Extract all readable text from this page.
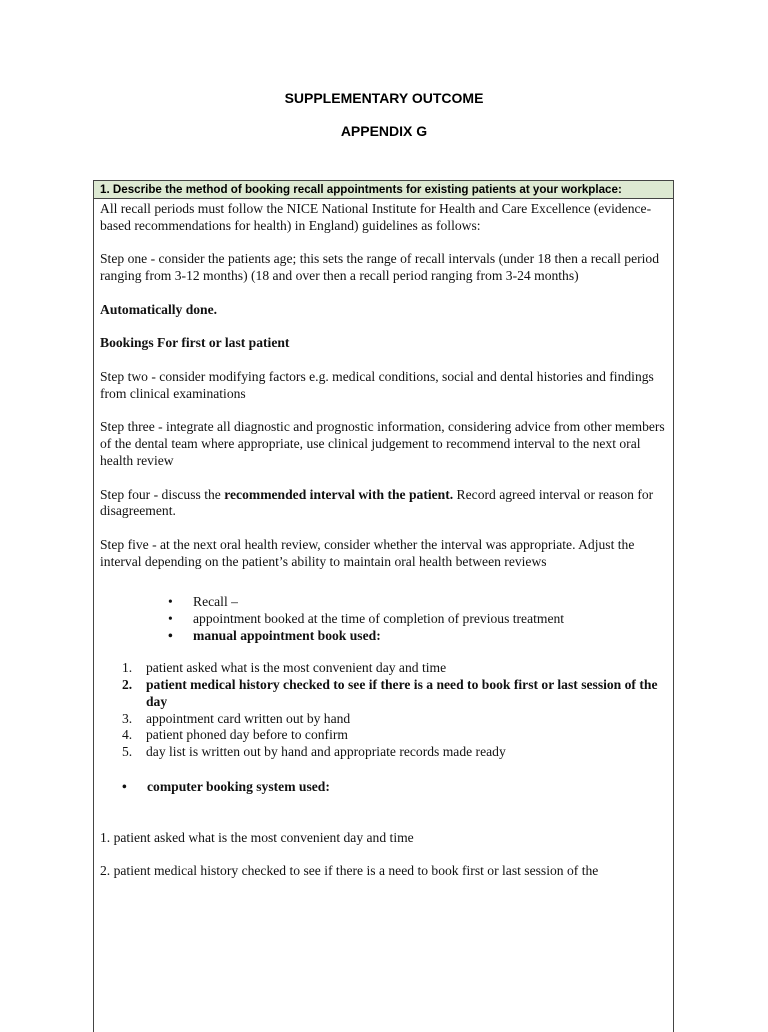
SUPPLEMENTARY OUTCOME
APPENDIX G
1. Describe the method of booking recall appointments for existing patients at your workplace:

All recall periods must follow the NICE National Institute for Health and Care Excellence (evidence-based recommendations for health) in England) guidelines as follows:

Step one - consider the patients age; this sets the range of recall intervals (under 18 then a recall period ranging from 3-12 months) (18 and over then a recall period ranging from 3-24 months)

Automatically done.

Bookings For first or last patient

Step two - consider modifying factors e.g. medical conditions, social and dental histories and findings from clinical examinations

Step three - integrate all diagnostic and prognostic information, considering advice from other members of the dental team where appropriate, use clinical judgement to recommend interval to the next oral health review

Step four - discuss the recommended interval with the patient. Record agreed interval or reason for disagreement.

Step five - at the next oral health review, consider whether the interval was appropriate. Adjust the interval depending on the patient’s ability to maintain oral health between reviews

• Recall –
• appointment booked at the time of completion of previous treatment
• manual appointment book used:
1. patient asked what is the most convenient day and time
2. patient medical history checked to see if there is a need to book first or last session of the day
3. appointment card written out by hand
4. patient phoned day before to confirm
5. day list is written out by hand and appropriate records made ready
• computer booking system used:

1. patient asked what is the most convenient day and time

2. patient medical history checked to see if there is a need to book first or last session of the
